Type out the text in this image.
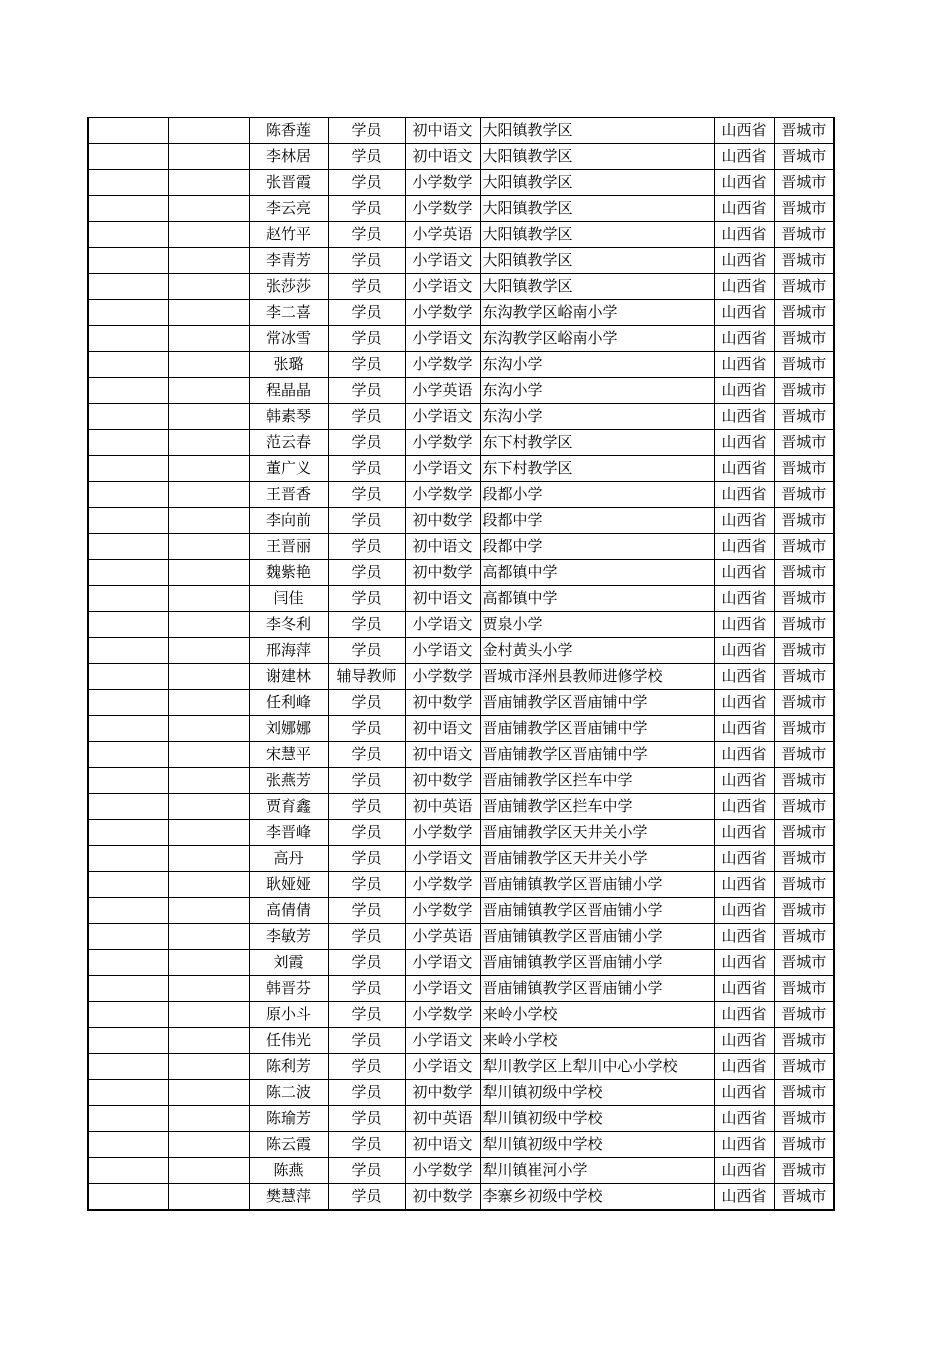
		陈香莲	学员	初中语文	大阳镇教学区	山西省	晋城市
		李林居	学员	初中语文	大阳镇教学区	山西省	晋城市
		张晋霞	学员	小学数学	大阳镇教学区	山西省	晋城市
		李云亮	学员	小学数学	大阳镇教学区	山西省	晋城市
		赵竹平	学员	小学英语	大阳镇教学区	山西省	晋城市
		李青芳	学员	小学语文	大阳镇教学区	山西省	晋城市
		张莎莎	学员	小学语文	大阳镇教学区	山西省	晋城市
		李二喜	学员	小学数学	东沟教学区峪南小学	山西省	晋城市
		常冰雪	学员	小学语文	东沟教学区峪南小学	山西省	晋城市
		张璐	学员	小学数学	东沟小学	山西省	晋城市
		程晶晶	学员	小学英语	东沟小学	山西省	晋城市
		韩素琴	学员	小学语文	东沟小学	山西省	晋城市
		范云春	学员	小学数学	东下村教学区	山西省	晋城市
		董广义	学员	小学语文	东下村教学区	山西省	晋城市
		王晋香	学员	小学数学	段都小学	山西省	晋城市
		李向前	学员	初中数学	段都中学	山西省	晋城市
		王晋丽	学员	初中语文	段都中学	山西省	晋城市
		魏紫艳	学员	初中数学	高都镇中学	山西省	晋城市
		闫佳	学员	初中语文	高都镇中学	山西省	晋城市
		李冬利	学员	小学语文	贾泉小学	山西省	晋城市
		邢海萍	学员	小学语文	金村黄头小学	山西省	晋城市
		谢建林	辅导教师	小学数学	晋城市泽州县教师进修学校	山西省	晋城市
		任利峰	学员	初中数学	晋庙铺教学区晋庙铺中学	山西省	晋城市
		刘娜娜	学员	初中语文	晋庙铺教学区晋庙铺中学	山西省	晋城市
		宋慧平	学员	初中语文	晋庙铺教学区晋庙铺中学	山西省	晋城市
		张燕芳	学员	初中数学	晋庙铺教学区拦车中学	山西省	晋城市
		贾育鑫	学员	初中英语	晋庙铺教学区拦车中学	山西省	晋城市
		李晋峰	学员	小学数学	晋庙铺教学区天井关小学	山西省	晋城市
		高丹	学员	小学语文	晋庙铺教学区天井关小学	山西省	晋城市
		耿娅娅	学员	小学数学	晋庙铺镇教学区晋庙铺小学	山西省	晋城市
		高倩倩	学员	小学数学	晋庙铺镇教学区晋庙铺小学	山西省	晋城市
		李敏芳	学员	小学英语	晋庙铺镇教学区晋庙铺小学	山西省	晋城市
		刘霞	学员	小学语文	晋庙铺镇教学区晋庙铺小学	山西省	晋城市
		韩晋芬	学员	小学语文	晋庙铺镇教学区晋庙铺小学	山西省	晋城市
		原小斗	学员	小学数学	来岭小学校	山西省	晋城市
		任伟光	学员	小学语文	来岭小学校	山西省	晋城市
		陈利芳	学员	小学语文	犁川教学区上犁川中心小学校	山西省	晋城市
		陈二波	学员	初中数学	犁川镇初级中学校	山西省	晋城市
		陈瑜芳	学员	初中英语	犁川镇初级中学校	山西省	晋城市
		陈云霞	学员	初中语文	犁川镇初级中学校	山西省	晋城市
		陈燕	学员	小学数学	犁川镇崔河小学	山西省	晋城市
		樊慧萍	学员	初中数学	李寨乡初级中学校	山西省	晋城市
